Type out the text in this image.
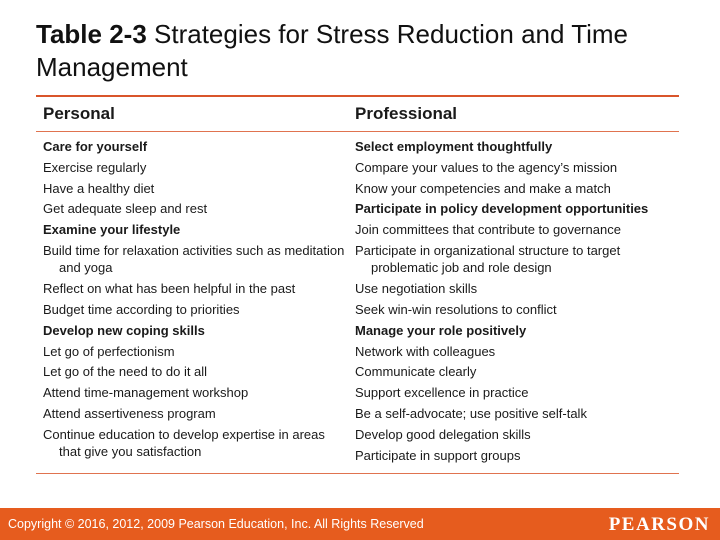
Table 2-3 Strategies for Stress Reduction and Time Management
Personal	Professional
Care for yourself
Exercise regularly
Have a healthy diet
Get adequate sleep and rest
Examine your lifestyle
Build time for relaxation activities such as meditation and yoga
Reflect on what has been helpful in the past
Budget time according to priorities
Develop new coping skills
Let go of perfectionism
Let go of the need to do it all
Attend time-management workshop
Attend assertiveness program
Continue education to develop expertise in areas that give you satisfaction
Select employment thoughtfully
Compare your values to the agency’s mission
Know your competencies and make a match
Participate in policy development opportunities
Join committees that contribute to governance
Participate in organizational structure to target problematic job and role design
Use negotiation skills
Seek win-win resolutions to conflict
Manage your role positively
Network with colleagues
Communicate clearly
Support excellence in practice
Be a self-advocate; use positive self-talk
Develop good delegation skills
Participate in support groups
Copyright © 2016, 2012, 2009 Pearson Education, Inc. All Rights Reserved	PEARSON
